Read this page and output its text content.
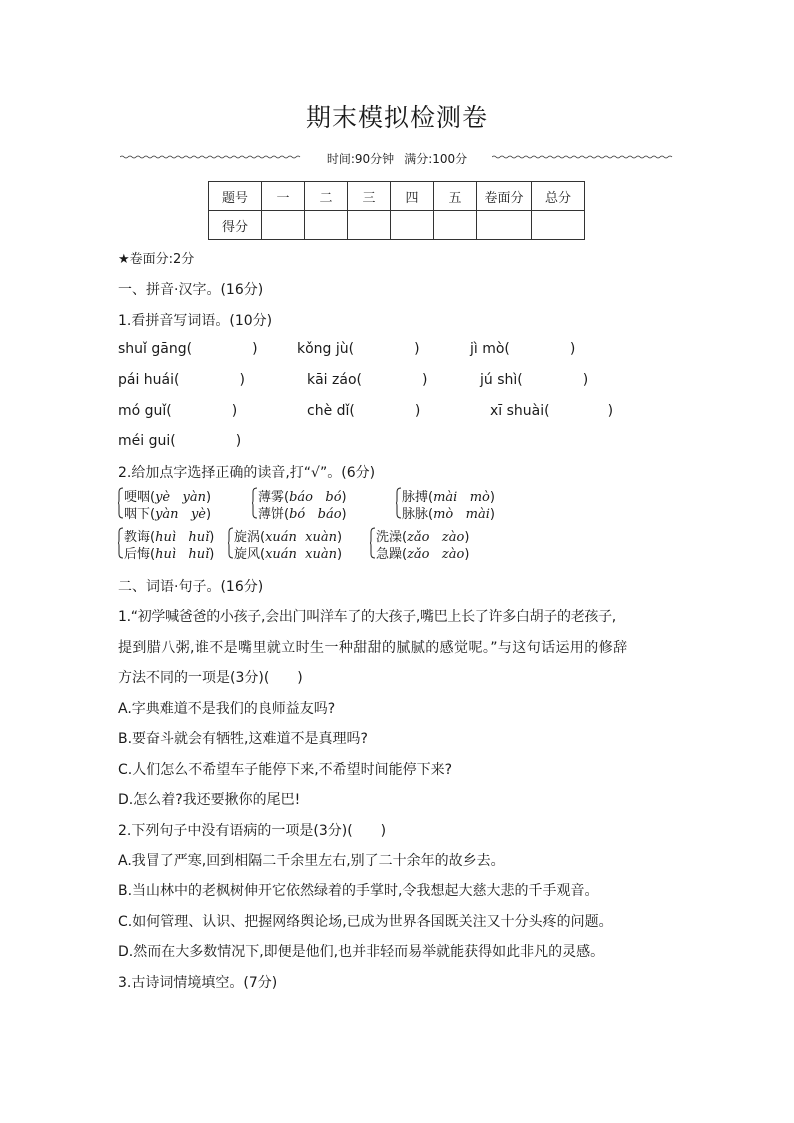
期末模拟检测卷
时间:90分钟 满分:100分
题号	一	二	三	四	五	卷面分	总分
得分							
★卷面分:2分
一、拼音·汉字。(16分)
1.看拼音写词语。(10分)
shuǐ gāng(	)	kǒng jù(	)	jì mò(	)
pái huái(	)	kāi záo(	)	jú shì(	)
mó guǐ(	)	chè dǐ(	)	xī shuài(	)
méi gui(	)
2.给加点字选择正确的读音,打“√”。(6分)
哽咽(yè yàn)
咽下(yàn yè)
薄雾(báo bó)
薄饼(bó báo)
脉搏(mài mò)
脉脉(mò mài)
教诲(huì huǐ)
后悔(huì huǐ)
旋涡(xuán xuàn)
旋风(xuán xuàn)
洗澡(zǎo zào)
急躁(zǎo zào)
二、词语·句子。(16分)
1.“初学喊爸爸的小孩子,会出门叫洋车了的大孩子,嘴巴上长了许多白胡子的老孩子,
提到腊八粥,谁不是嘴里就立时生一种甜甜的腻腻的感觉呢。”与这句话运用的修辞
方法不同的一项是(3分)(　　)
A.字典难道不是我们的良师益友吗?
B.要奋斗就会有牺牲,这难道不是真理吗?
C.人们怎么不希望车子能停下来,不希望时间能停下来?
D.怎么着?我还要揪你的尾巴!
2.下列句子中没有语病的一项是(3分)(　　)
A.我冒了严寒,回到相隔二千余里左右,别了二十余年的故乡去。
B.当山林中的老枫树伸开它依然绿着的手掌时,令我想起大慈大悲的千手观音。
C.如何管理、认识、把握网络舆论场,已成为世界各国既关注又十分头疼的问题。
D.然而在大多数情况下,即便是他们,也并非轻而易举就能获得如此非凡的灵感。
3.古诗词情境填空。(7分)
